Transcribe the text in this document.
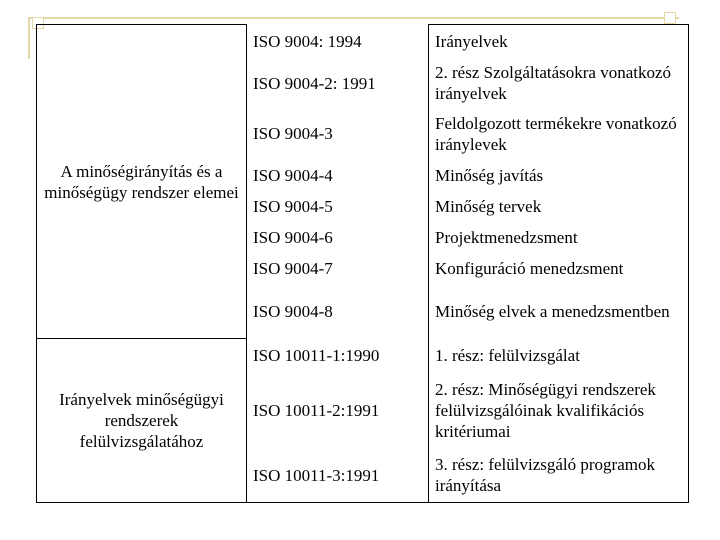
A minőségirányítás és a minőségügy rendszer elemei	ISO 9004: 1994	Irányelvek
	ISO 9004-2: 1991	2. rész Szolgáltatásokra vonatkozó irányelvek
	ISO 9004-3	Feldolgozott termékekre vonatkozó iránylevek
	ISO 9004-4	Minőség javítás
	ISO 9004-5	Minőség tervek
	ISO 9004-6	Projektmenedzsment
	ISO 9004-7	Konfiguráció menedzsment
	ISO 9004-8	Minőség elvek a menedzsmentben
Irányelvek minőségügyi rendszerek felülvizsgálatához	ISO 10011-1:1990	1. rész: felülvizsgálat
	ISO 10011-2:1991	2. rész: Minőségügyi rendszerek felülvizsgálóinak kvalifikációs kritériumai
	ISO 10011-3:1991	3. rész: felülvizsgáló programok irányítása
